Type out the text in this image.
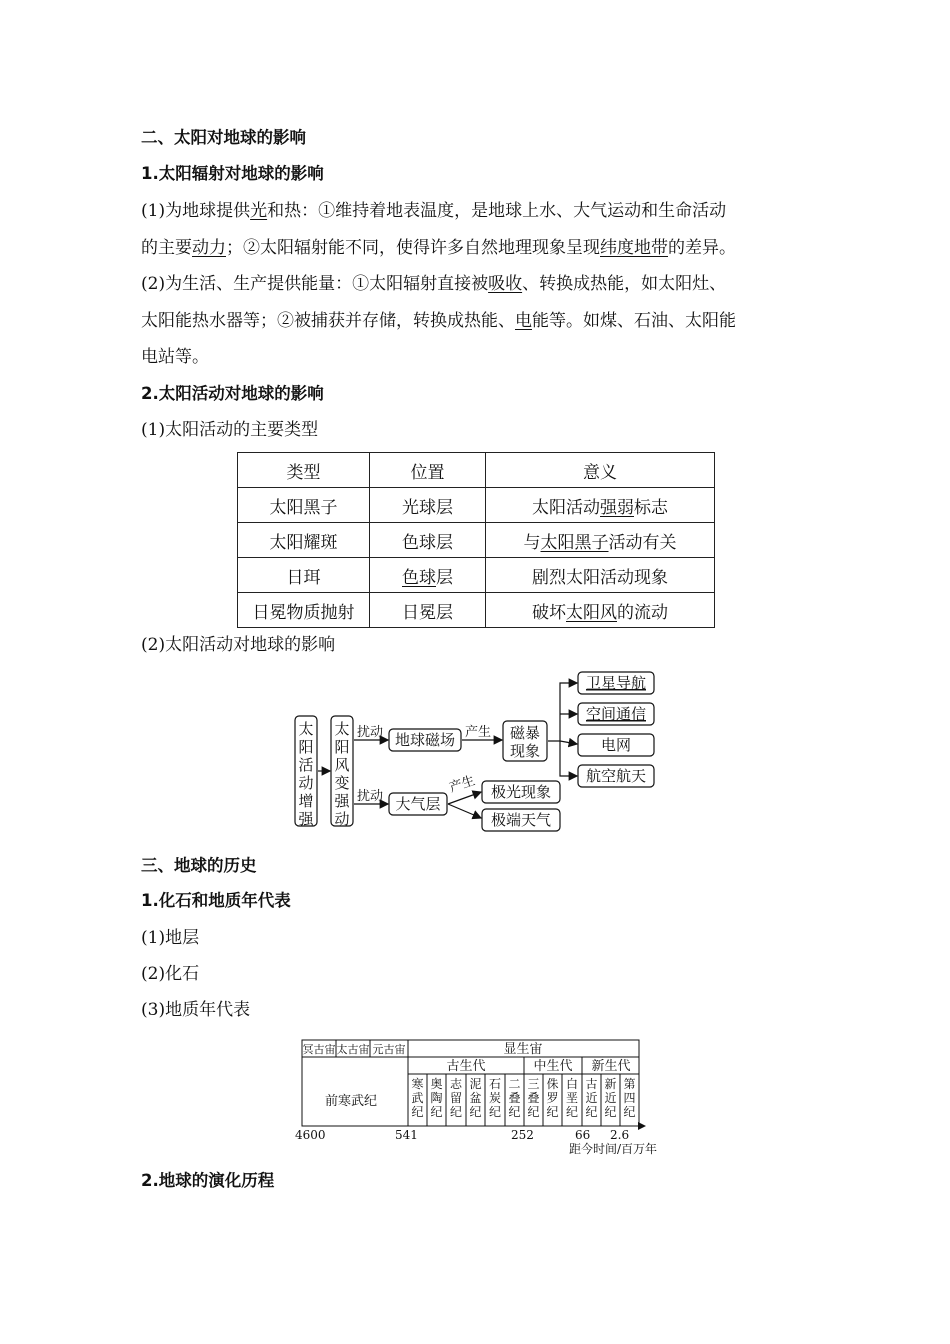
二、太阳对地球的影响
1.太阳辐射对地球的影响
(1)为地球提供光和热：①维持着地表温度，是地球上水、大气运动和生命活动
的主要动力；②太阳辐射能不同，使得许多自然地理现象呈现纬度地带的差异。
(2)为生活、生产提供能量：①太阳辐射直接被吸收、转换成热能，如太阳灶、
太阳能热水器等；②被捕获并存储，转换成热能、电能等。如煤、石油、太阳能
电站等。
2.太阳活动对地球的影响
(1)太阳活动的主要类型
类型	位置	意义
太阳黑子	光球层	太阳活动强弱标志
太阳耀斑	色球层	与太阳黑子活动有关
日珥	色球层	剧烈太阳活动现象
日冕物质抛射	日冕层	破坏太阳风的流动
(2)太阳活动对地球的影响
太
阳
活
动
增
强
太
阳
风
变
强
动
扰动 地球磁场 产生 磁暴
现象
卫星导航
空间通信
电网
航空航天
扰动 大气层
产生 极光现象
极端天气
三、地球的历史
1.化石和地质年代表
(1)地层
(2)化石
(3)地质年代表
冥古宙 太古宙 元古宙	显生宙
古生代	中生代 新生代
前寒武纪
寒
武
纪
奥
陶
纪
志
留
纪
泥
盆
纪
石
炭
纪
二
叠
纪
三
叠
纪
侏
罗
纪
白
垩
纪
古
近
纪
新
近
纪
第
四
纪
4600	541	252	66 2.6
距今时间/百万年
2.地球的演化历程
